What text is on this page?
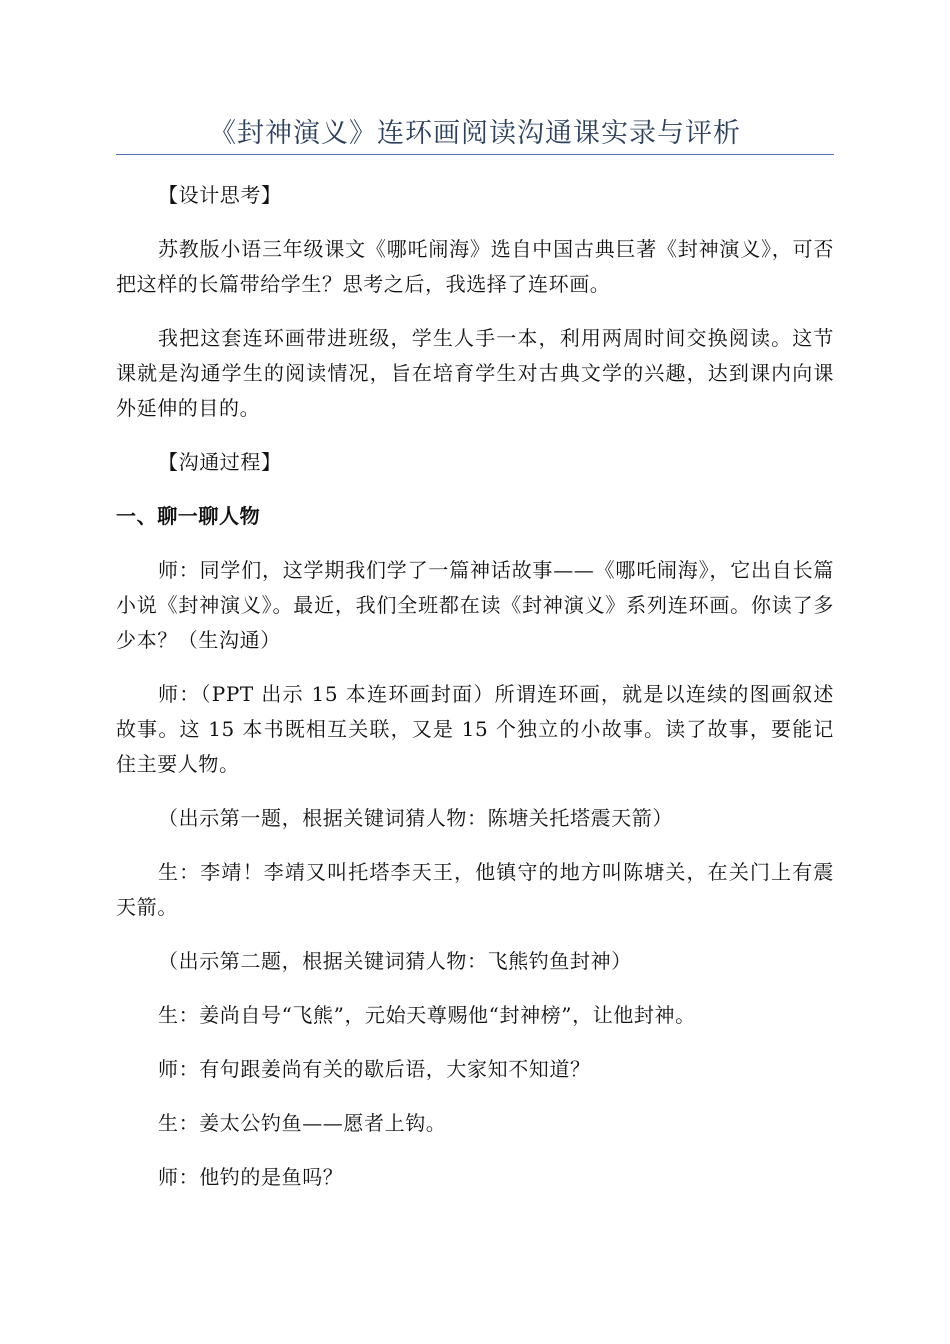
《封神演义》连环画阅读沟通课实录与评析

【设计思考】

苏教版小语三年级课文《哪吒闹海》选自中国古典巨著《封神演义》，可否把这样的长篇带给学生？思考之后，我选择了连环画。

我把这套连环画带进班级，学生人手一本，利用两周时间交换阅读。这节课就是沟通学生的阅读情况，旨在培育学生对古典文学的兴趣，达到课内向课外延伸的目的。

【沟通过程】

一、聊一聊人物

师：同学们，这学期我们学了一篇神话故事——《哪吒闹海》，它出自长篇小说《封神演义》。最近，我们全班都在读《封神演义》系列连环画。你读了多少本？（生沟通）

师：（PPT 出示 15 本连环画封面）所谓连环画，就是以连续的图画叙述故事。这 15 本书既相互关联，又是 15 个独立的小故事。读了故事，要能记住主要人物。

（出示第一题，根据关键词猜人物：陈塘关托塔震天箭）

生：李靖！李靖又叫托塔李天王，他镇守的地方叫陈塘关，在关门上有震天箭。

（出示第二题，根据关键词猜人物：飞熊钓鱼封神）

生：姜尚自号“飞熊”，元始天尊赐他“封神榜”，让他封神。

师：有句跟姜尚有关的歇后语，大家知不知道？

生：姜太公钓鱼——愿者上钩。

师：他钓的是鱼吗？
